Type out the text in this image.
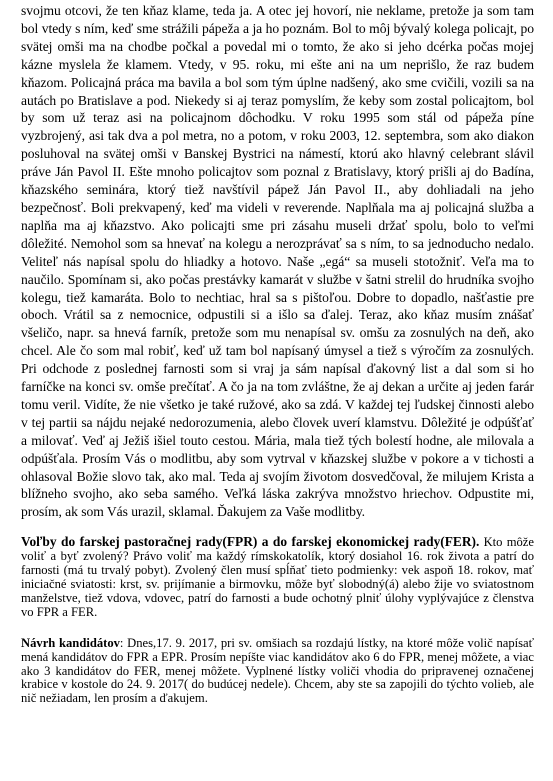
svojmu otcovi, že ten kňaz klame, teda ja. A otec jej hovorí, nie neklame, pretože ja som tam bol vtedy s ním, keď sme strážili pápeža a ja ho poznám. Bol to môj bývalý kolega policajt, po svätej omši ma na chodbe počkal a povedal mi o tomto, že ako si jeho dcérka počas mojej kázne myslela že klamem. Vtedy, v 95. roku, mi ešte ani na um neprišlo, že raz budem kňazom. Policajná práca ma bavila a bol som tým úplne nadšený, ako sme cvičili, vozili sa na autách po Bratislave a pod. Niekedy si aj teraz pomyslím, že keby som zostal policajtom, bol by som už teraz asi na policajnom dôchodku. V roku 1995 som stál od pápeža píne vyzbrojený, asi tak dva a pol metra, no a potom, v roku 2003, 12. septembra, som ako diakon posluhoval na svätej omši v Banskej Bystrici na námestí, ktorú ako hlavný celebrant slávil práve Ján Pavol II. Ešte mnoho policajtov som poznal z Bratislavy, ktorý prišli aj do Badína, kňazského seminára, ktorý tiež navštívil pápež Ján Pavol II., aby dohliadali na jeho bezpečnosť. Boli prekvapený, keď ma videli v reverende. Naplňala ma aj policajná služba a naplňa ma aj kňazstvo. Ako policajti sme pri zásahu museli držať spolu, bolo to veľmi dôležité. Nemohol som sa hnevať na kolegu a nerozprávať sa s ním, to sa jednoducho nedalo. Veliteľ nás napísal spolu do hliadky a hotovo. Naše „egá“ sa museli stotožniť. Veľa ma to naučilo. Spomínam si, ako počas prestávky kamarát v službe v šatni strelil do hrudníka svojho kolegu, tiež kamaráta. Bolo to nechtiac, hral sa s pištoľou. Dobre to dopadlo, našťastie pre oboch. Vrátil sa z nemocnice, odpustili si a išlo sa ďalej. Teraz, ako kňaz musím znášať všeličo, napr. sa hnevá farník, pretože som mu nenapísal sv. omšu za zosnulých na deň, ako chcel. Ale čo som mal robiť, keď už tam bol napísaný úmysel a tiež s výročím za zosnulých. Pri odchode z poslednej farnosti som si vraj ja sám napísal ďakovný list a dal som si ho farníčke na konci sv. omše prečítať. A čo ja na tom zvláštne, že aj dekan a určite aj jeden farár tomu veril. Vidíte, že nie všetko je také ružové, ako sa zdá. V každej tej ľudskej činnosti alebo v tej partii sa nájdu nejaké nedorozumenia, alebo človek uverí klamstvu. Dôležité je odpúšťať a milovať. Veď aj Ježiš išiel touto cestou. Mária, mala tiež tých bolestí hodne, ale milovala a odpúšťala. Prosím Vás o modlitbu, aby som vytrval v kňazskej službe v pokore a v tichosti a ohlasoval Božie slovo tak, ako mal. Teda aj svojím životom dosvedčoval, že milujem Krista a blížneho svojho, ako seba samého. Veľká láska zakrýva množstvo hriechov. Odpustite mi, prosím, ak som Vás urazil, sklamal. Ďakujem za Vaše modlitby.

Voľby do farskej pastoračnej rady(FPR) a do farskej ekonomickej rady(FER). Kto môže voliť a byť zvolený? Právo voliť ma každý rímskokatolík, ktorý dosiahol 16. rok života a patrí do farnosti (má tu trvalý pobyt). Zvolený člen musí spĺňať tieto podmienky: vek aspoň 18. rokov, mať iniciačné sviatosti: krst, sv. prijímanie a birmovku, môže byť slobodný(á) alebo žije vo sviatostnom manželstve, tiež vdova, vdovec, patrí do farnosti a bude ochotný plniť úlohy vyplývajúce z členstva vo FPR a FER.

Návrh kandidátov: Dnes,17. 9. 2017, pri sv. omšiach sa rozdajú lístky, na ktoré môže volič napísať mená kandidátov do FPR a EPR. Prosím nepíšte viac kandidátov ako 6 do FPR, menej môžete, a viac ako 3 kandidátov do FER, menej môžete. Vyplnené lístky voliči vhodia do pripravenej označenej krabice v kostole do 24. 9. 2017( do budúcej nedele). Chcem, aby ste sa zapojili do týchto volieb, ale nič nežiadam, len prosím a ďakujem.
